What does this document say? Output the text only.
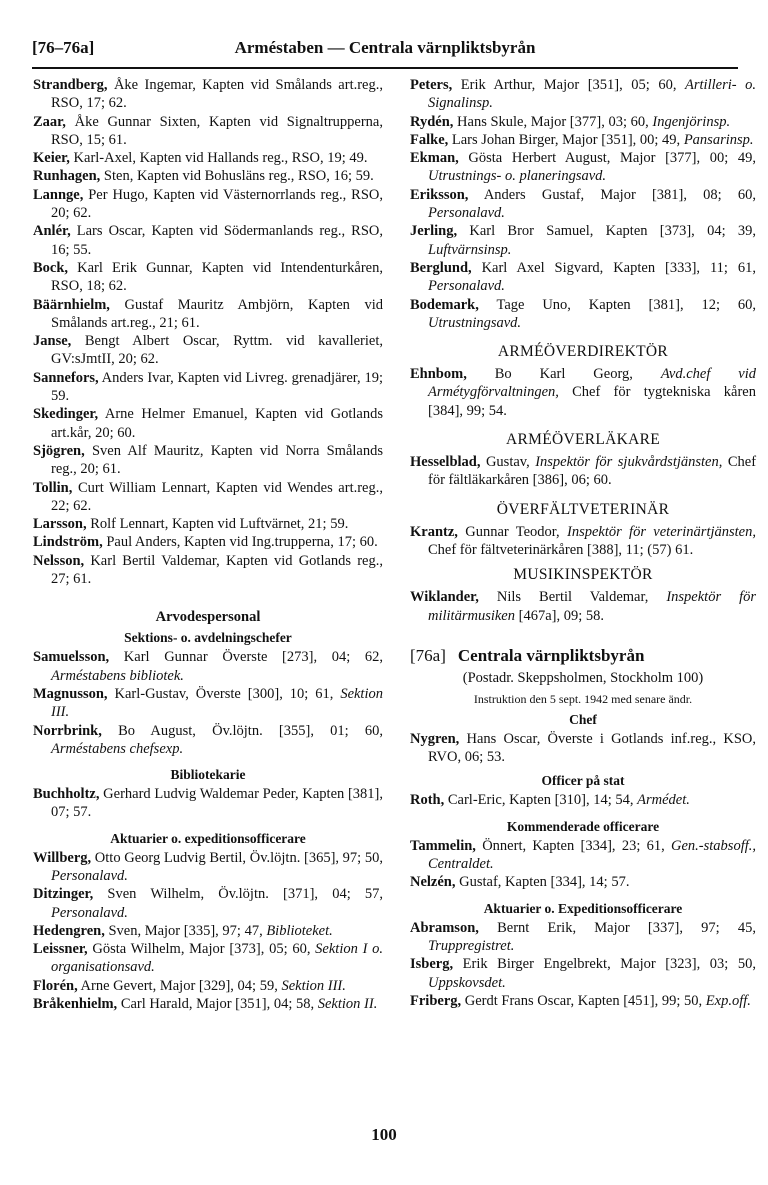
[76–76a]	Arméstaben — Centrala värnpliktsbyrån
Strandberg, Åke Ingemar, Kapten vid Smålands art.reg., RSO, 17; 62.
Zaar, Åke Gunnar Sixten, Kapten vid Signaltrupperna, RSO, 15; 61.
Keier, Karl-Axel, Kapten vid Hallands reg., RSO, 19; 49.
Runhagen, Sten, Kapten vid Bohusläns reg., RSO, 16; 59.
Lannge, Per Hugo, Kapten vid Västernorrlands reg., RSO, 20; 62.
Anlér, Lars Oscar, Kapten vid Södermanlands reg., RSO, 16; 55.
Bock, Karl Erik Gunnar, Kapten vid Intendenturkåren, RSO, 18; 62.
Bäärnhielm, Gustaf Mauritz Ambjörn, Kapten vid Smålands art.reg., 21; 61.
Janse, Bengt Albert Oscar, Ryttm. vid kavalleriet, GV:sJmtII, 20; 62.
Sannefors, Anders Ivar, Kapten vid Livreg. grenadjärer, 19; 59.
Skedinger, Arne Helmer Emanuel, Kapten vid Gotlands art.kår, 20; 60.
Sjögren, Sven Alf Mauritz, Kapten vid Norra Smålands reg., 20; 61.
Tollin, Curt William Lennart, Kapten vid Wendes art.reg., 22; 62.
Larsson, Rolf Lennart, Kapten vid Luftvärnet, 21; 59.
Lindström, Paul Anders, Kapten vid Ing.trupperna, 17; 60.
Nelsson, Karl Bertil Valdemar, Kapten vid Gotlands reg., 27; 61.
Arvodespersonal
Sektions- o. avdelningschefer
Samuelsson, Karl Gunnar Överste [273], 04; 62, Arméstabens bibliotek.
Magnusson, Karl-Gustav, Överste [300], 10; 61, Sektion III.
Norrbrink, Bo August, Öv.löjtn. [355], 01; 60, Arméstabens chefsexp.
Bibliotekarie
Buchholtz, Gerhard Ludvig Waldemar Peder, Kapten [381], 07; 57.
Aktuarier o. expeditionsofficerare
Willberg, Otto Georg Ludvig Bertil, Öv.löjtn. [365], 97; 50, Personalavd.
Ditzinger, Sven Wilhelm, Öv.löjtn. [371], 04; 57, Personalavd.
Hedengren, Sven, Major [335], 97; 47, Biblioteket.
Leissner, Gösta Wilhelm, Major [373], 05; 60, Sektion I o. organisationsavd.
Florén, Arne Gevert, Major [329], 04; 59, Sektion III.
Bråkenhielm, Carl Harald, Major [351], 04; 58, Sektion II.
Peters, Erik Arthur, Major [351], 05; 60, Artilleri- o. Signalinsp.
Rydén, Hans Skule, Major [377], 03; 60, Ingenjörinsp.
Falke, Lars Johan Birger, Major [351], 00; 49, Pansarinsp.
Ekman, Gösta Herbert August, Major [377], 00; 49, Utrustnings- o. planeringsavd.
Eriksson, Anders Gustaf, Major [381], 08; 60, Personalavd.
Jerling, Karl Bror Samuel, Kapten [373], 04; 39, Luftvärnsinsp.
Berglund, Karl Axel Sigvard, Kapten [333], 11; 61, Personalavd.
Bodemark, Tage Uno, Kapten [381], 12; 60, Utrustningsavd.
ARMÉÖVERDIREKTÖR
Ehnbom, Bo Karl Georg, Avd.chef vid Armétygförvaltningen, Chef för tygtekniska kåren [384], 99; 54.
ARMÉÖVERLÄKARE
Hesselblad, Gustav, Inspektör för sjukvårdstjänsten, Chef för fältläkarkåren [386], 06; 60.
ÖVERFÄLTVETERINÄR
Krantz, Gunnar Teodor, Inspektör för veterinärtjänsten, Chef för fältveterinärkåren [388], 11; (57) 61.
MUSIKINSPEKTÖR
Wiklander, Nils Bertil Valdemar, Inspektör för militärmusiken [467a], 09; 58.
[76a] Centrala värnpliktsbyrån
(Postadr. Skeppsholmen, Stockholm 100)
Instruktion den 5 sept. 1942 med senare ändr.
Chef
Nygren, Hans Oscar, Överste i Gotlands inf.reg., KSO, RVO, 06; 53.
Officer på stat
Roth, Carl-Eric, Kapten [310], 14; 54, Armédet.
Kommenderade officerare
Tammelin, Önnert, Kapten [334], 23; 61, Gen.-stabsoff., Centraldet.
Nelzén, Gustaf, Kapten [334], 14; 57.
Aktuarier o. Expeditionsofficerare
Abramson, Bernt Erik, Major [337], 97; 45, Truppregistret.
Isberg, Erik Birger Engelbrekt, Major [323], 03; 50, Uppskovsdet.
Friberg, Gerdt Frans Oscar, Kapten [451], 99; 50, Exp.off.
100
